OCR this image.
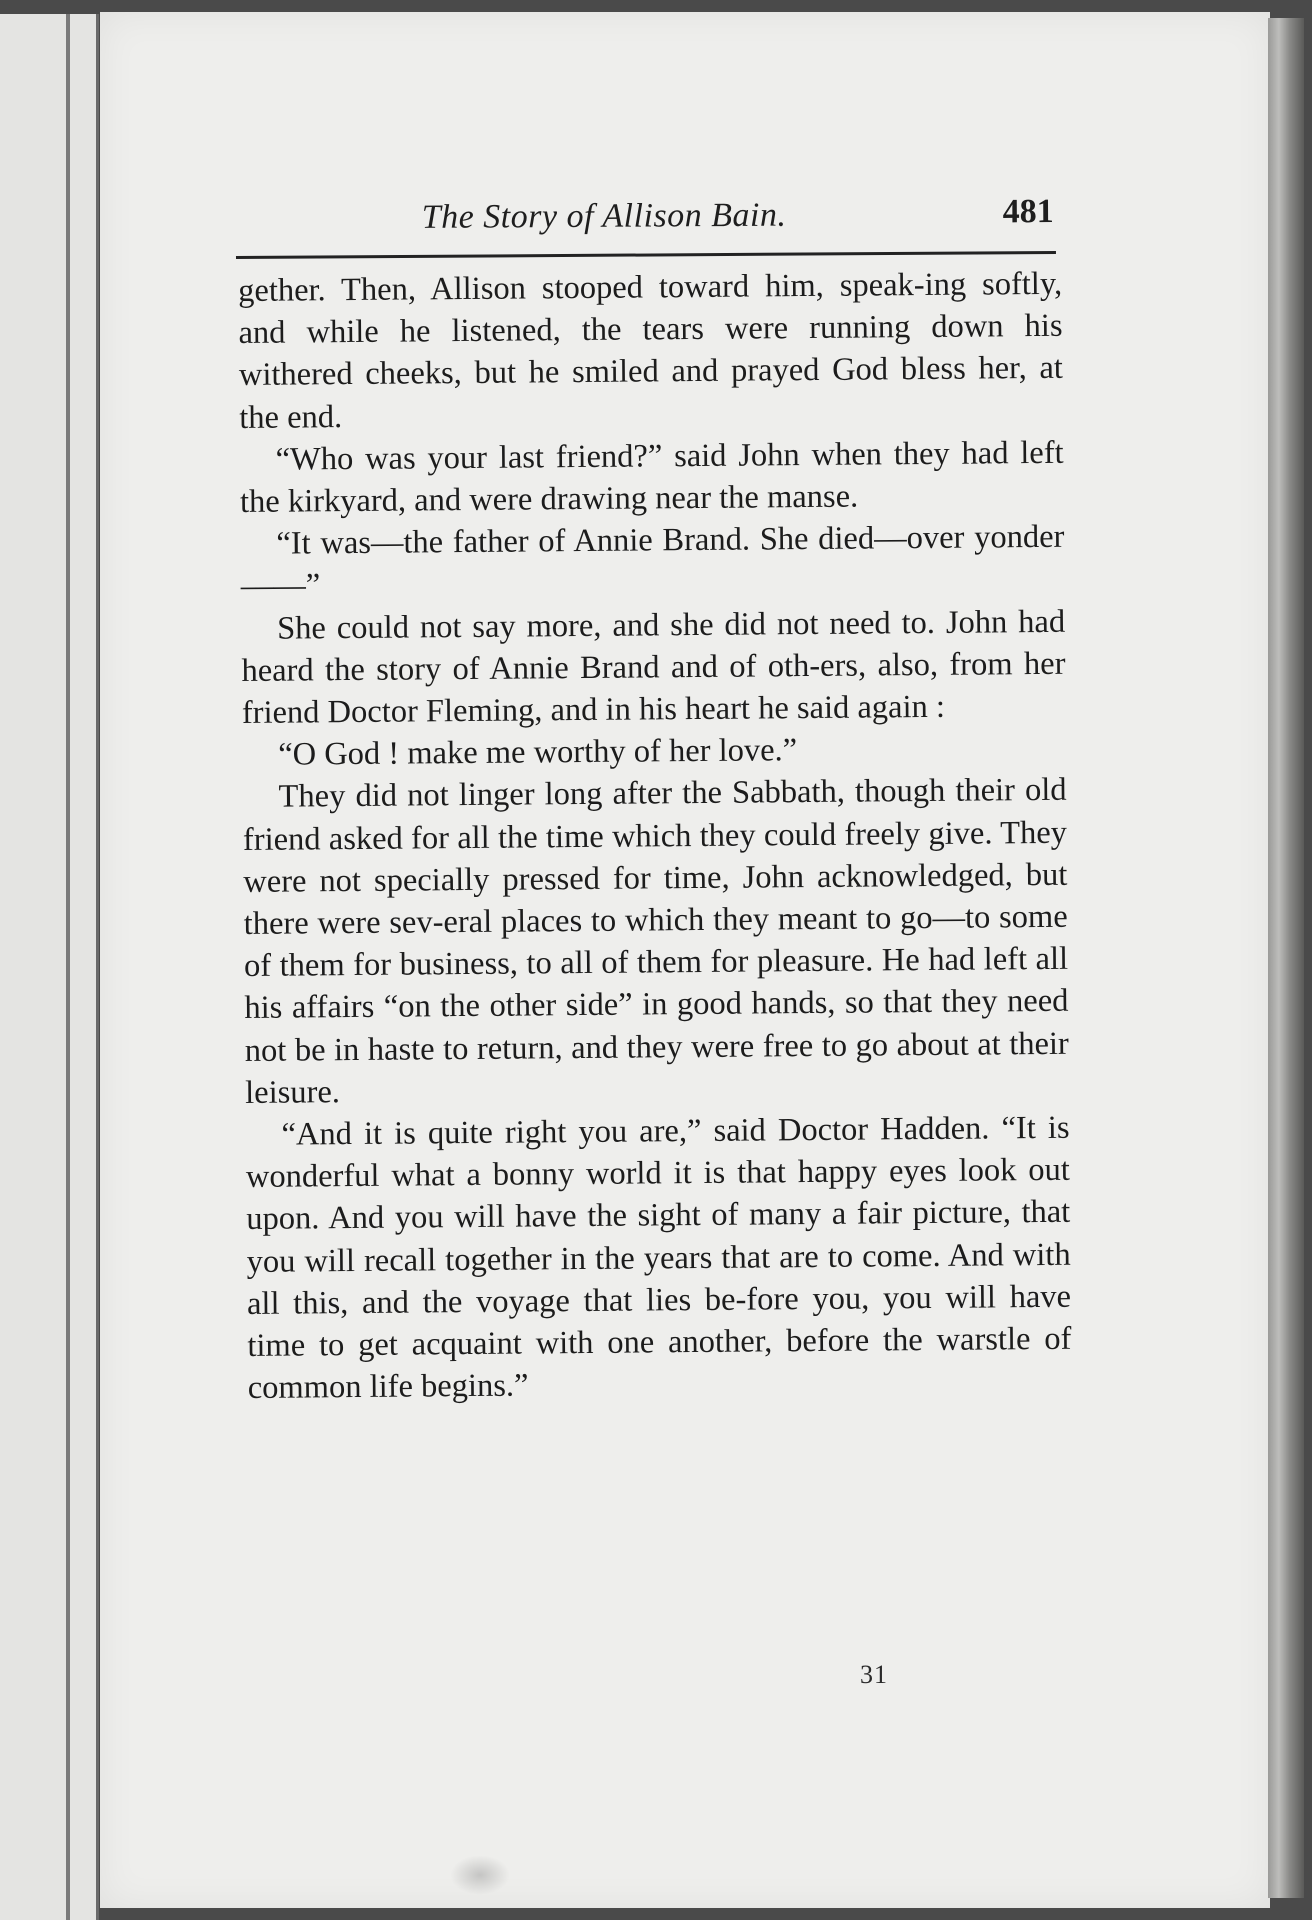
The Story of Allison Bain.	481

gether. Then, Allison stooped toward him, speak-ing softly, and while he listened, the tears were running down his withered cheeks, but he smiled and prayed God bless her, at the end.

“Who was your last friend?” said John when they had left the kirkyard, and were drawing near the manse.

“It was—the father of Annie Brand. She died—over yonder——”

She could not say more, and she did not need to. John had heard the story of Annie Brand and of oth-ers, also, from her friend Doctor Fleming, and in his heart he said again :

“O God ! make me worthy of her love.”

They did not linger long after the Sabbath, though their old friend asked for all the time which they could freely give. They were not specially pressed for time, John acknowledged, but there were sev-eral places to which they meant to go—to some of them for business, to all of them for pleasure. He had left all his affairs “on the other side” in good hands, so that they need not be in haste to return, and they were free to go about at their leisure.

“And it is quite right you are,” said Doctor Hadden. “It is wonderful what a bonny world it is that happy eyes look out upon. And you will have the sight of many a fair picture, that you will recall together in the years that are to come. And with all this, and the voyage that lies be-fore you, you will have time to get acquaint with one another, before the warstle of common life begins.”

31
